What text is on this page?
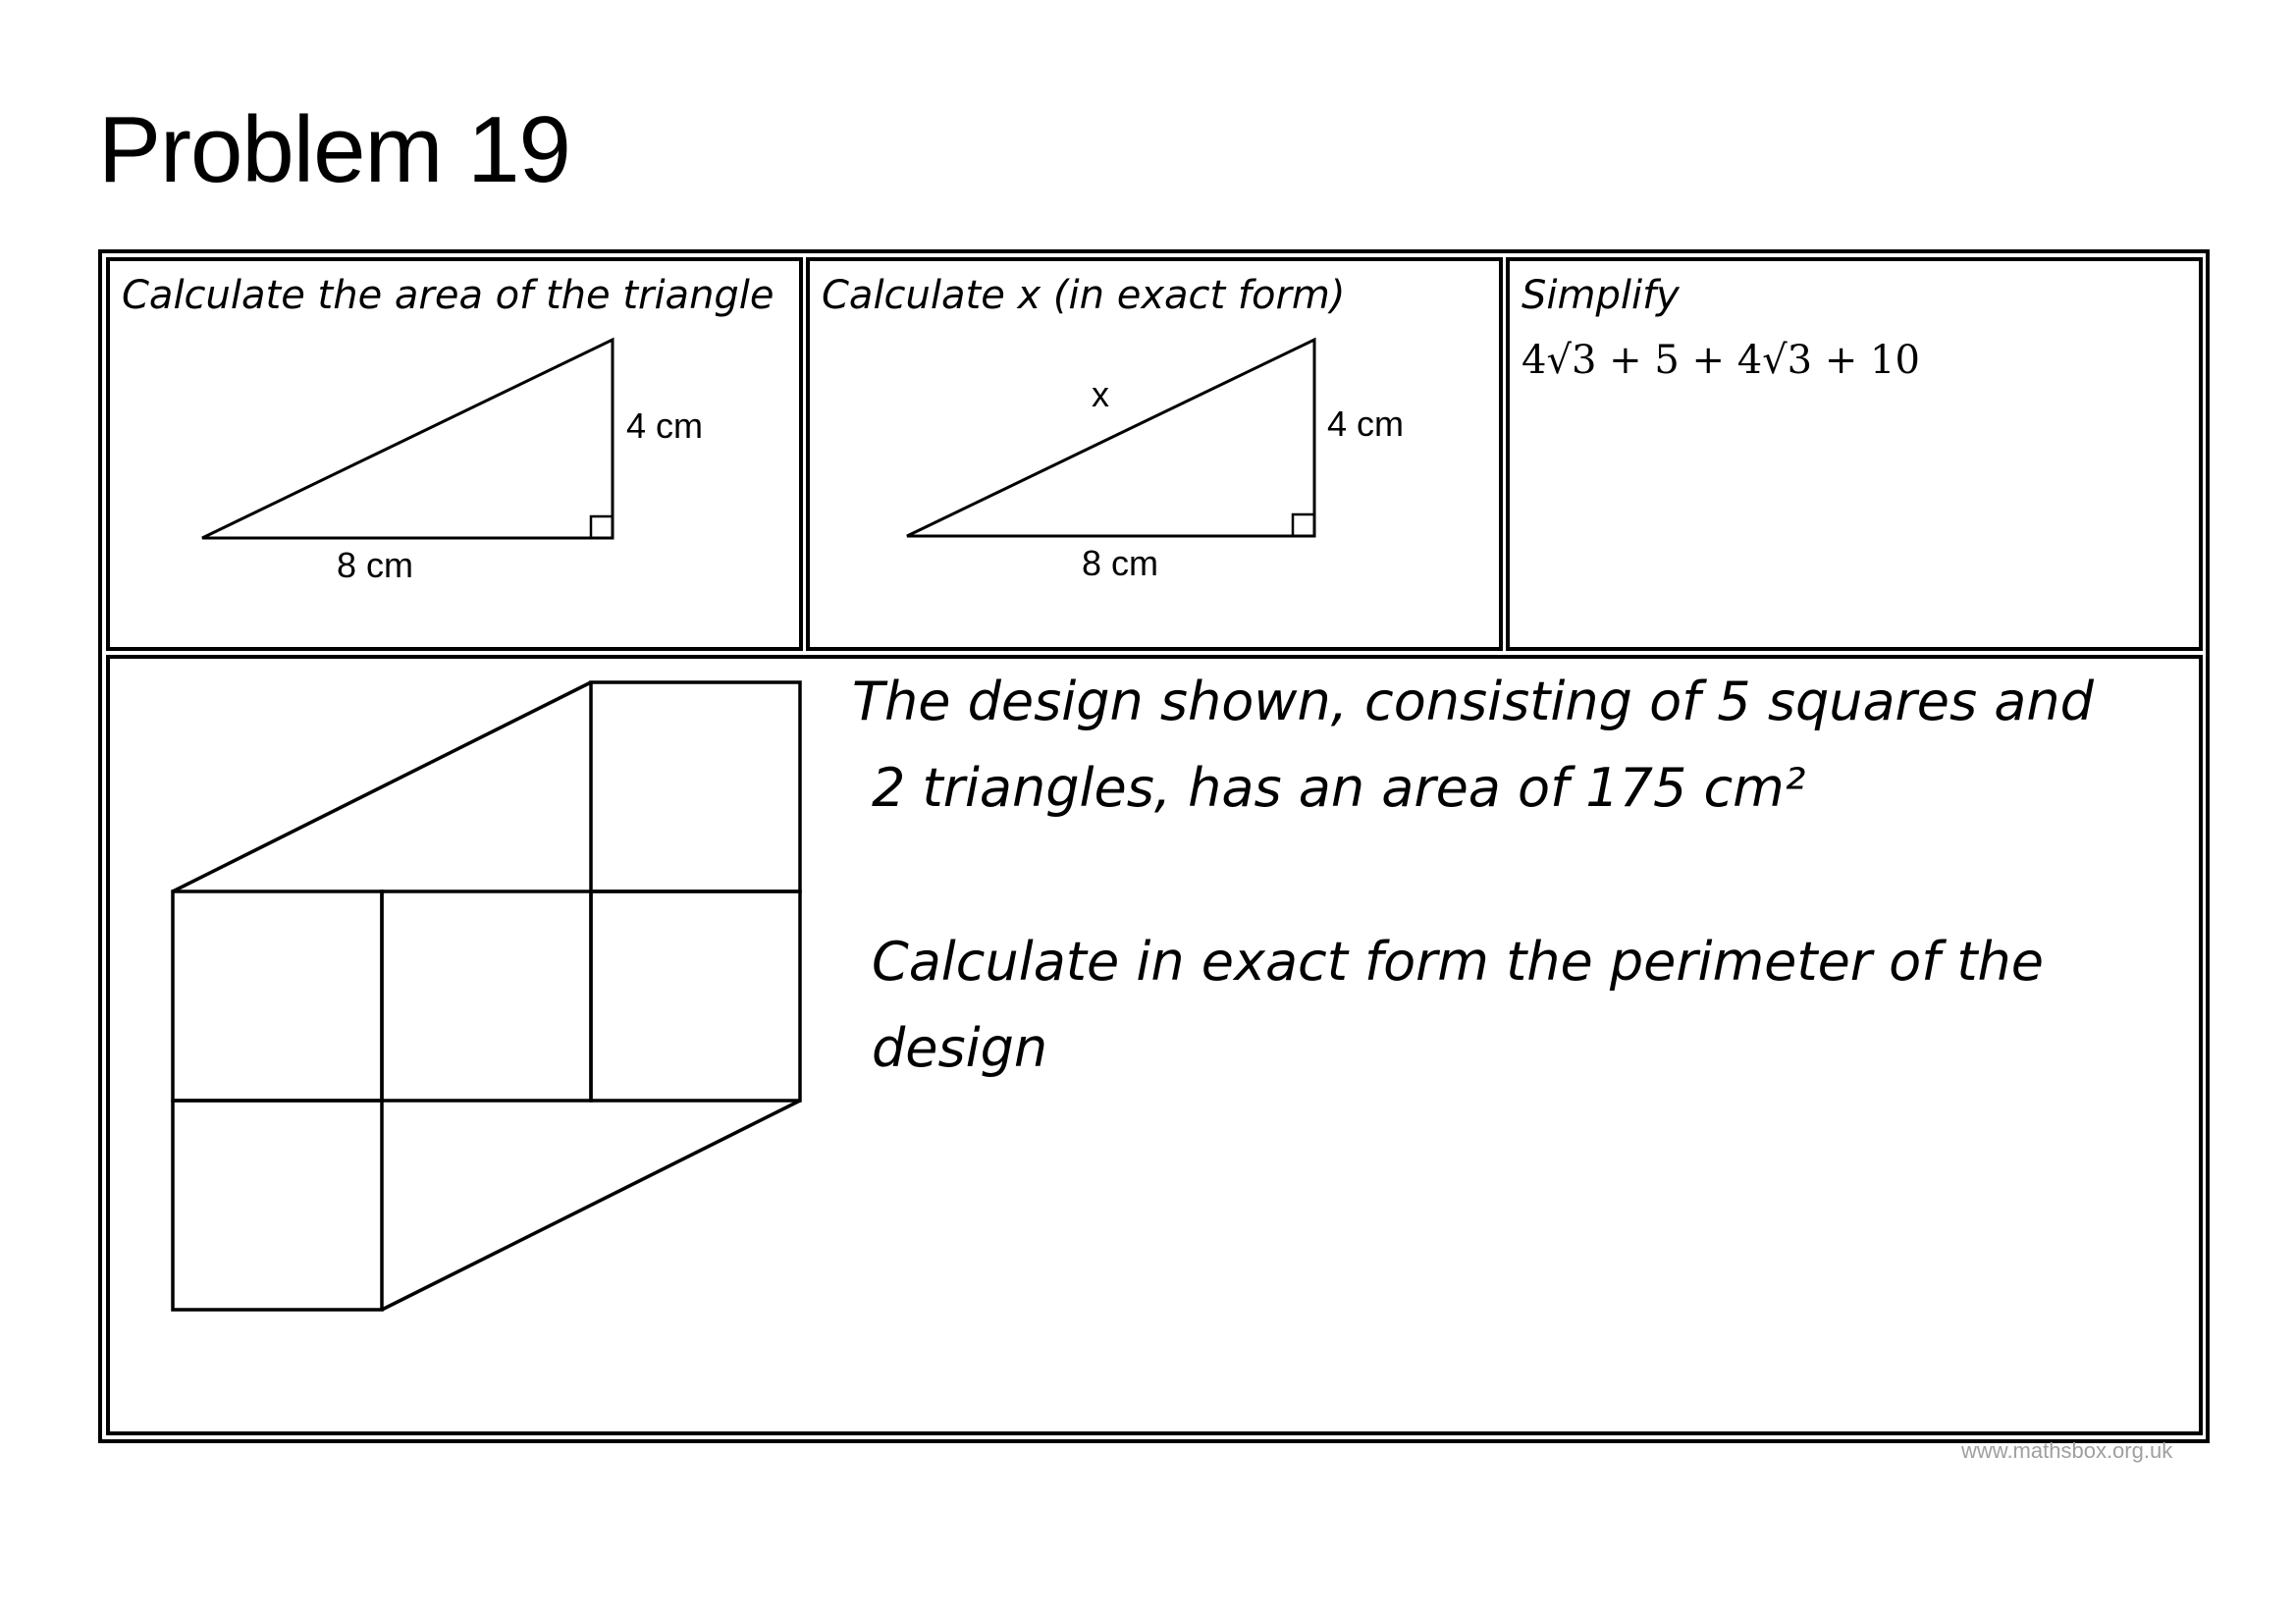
Problem 19
Calculate the area of the triangle
4 cm
8 cm
Calculate x (in exact form)
x
4 cm
8 cm
Simplify
4√3 + 5 + 4√3 + 10
The design shown, consisting of 5 squares and
2 triangles, has an area of 175 cm²
Calculate in exact form the perimeter of the
design
www.mathsbox.org.uk
